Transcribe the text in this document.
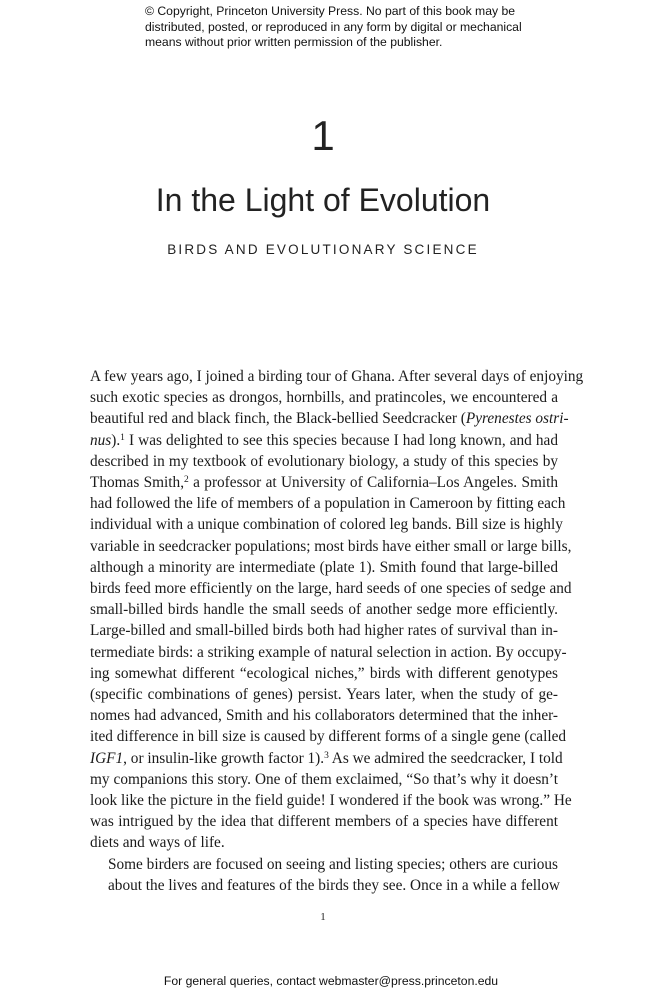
© Copyright, Princeton University Press. No part of this book may be
distributed, posted, or reproduced in any form by digital or mechanical
means without prior written permission of the publisher.
1
In the Light of Evolution
BIRDS AND EVOLUTIONARY SCIENCE

A few years ago, I joined a birding tour of Ghana. After several days of enjoying
such exotic species as drongos, hornbills, and pratincoles, we encountered a
beautiful red and black finch, the Black-bellied Seedcracker (Pyrenestes ostri-
nus).$^1$ I was delighted to see this species because I had long known, and had
described in my textbook of evolutionary biology, a study of this species by
Thomas Smith,$^2$ a professor at University of California–Los Angeles. Smith
had followed the life of members of a population in Cameroon by fitting each
individual with a unique combination of colored leg bands. Bill size is highly
variable in seedcracker populations; most birds have either small or large bills,
although a minority are intermediate (plate 1). Smith found that large-billed
birds feed more efficiently on the large, hard seeds of one species of sedge and
small-billed birds handle the small seeds of another sedge more efficiently.
Large-billed and small-billed birds both had higher rates of survival than in-
termediate birds: a striking example of natural selection in action. By occupy-
ing somewhat different “ecological niches,” birds with different genotypes
(specific combinations of genes) persist. Years later, when the study of ge-
nomes had advanced, Smith and his collaborators determined that the inher-
ited difference in bill size is caused by different forms of a single gene (called
IGF1, or insulin-like growth factor 1).$^3$ As we admired the seedcracker, I told
my companions this story. One of them exclaimed, “So that’s why it doesn’t
look like the picture in the field guide! I wondered if the book was wrong.” He
was intrigued by the idea that different members of a species have different
diets and ways of life.

Some birders are focused on seeing and listing species; others are curious
about the lives and features of the birds they see. Once in a while a fellow

1
For general queries, contact webmaster@press.princeton.edu
